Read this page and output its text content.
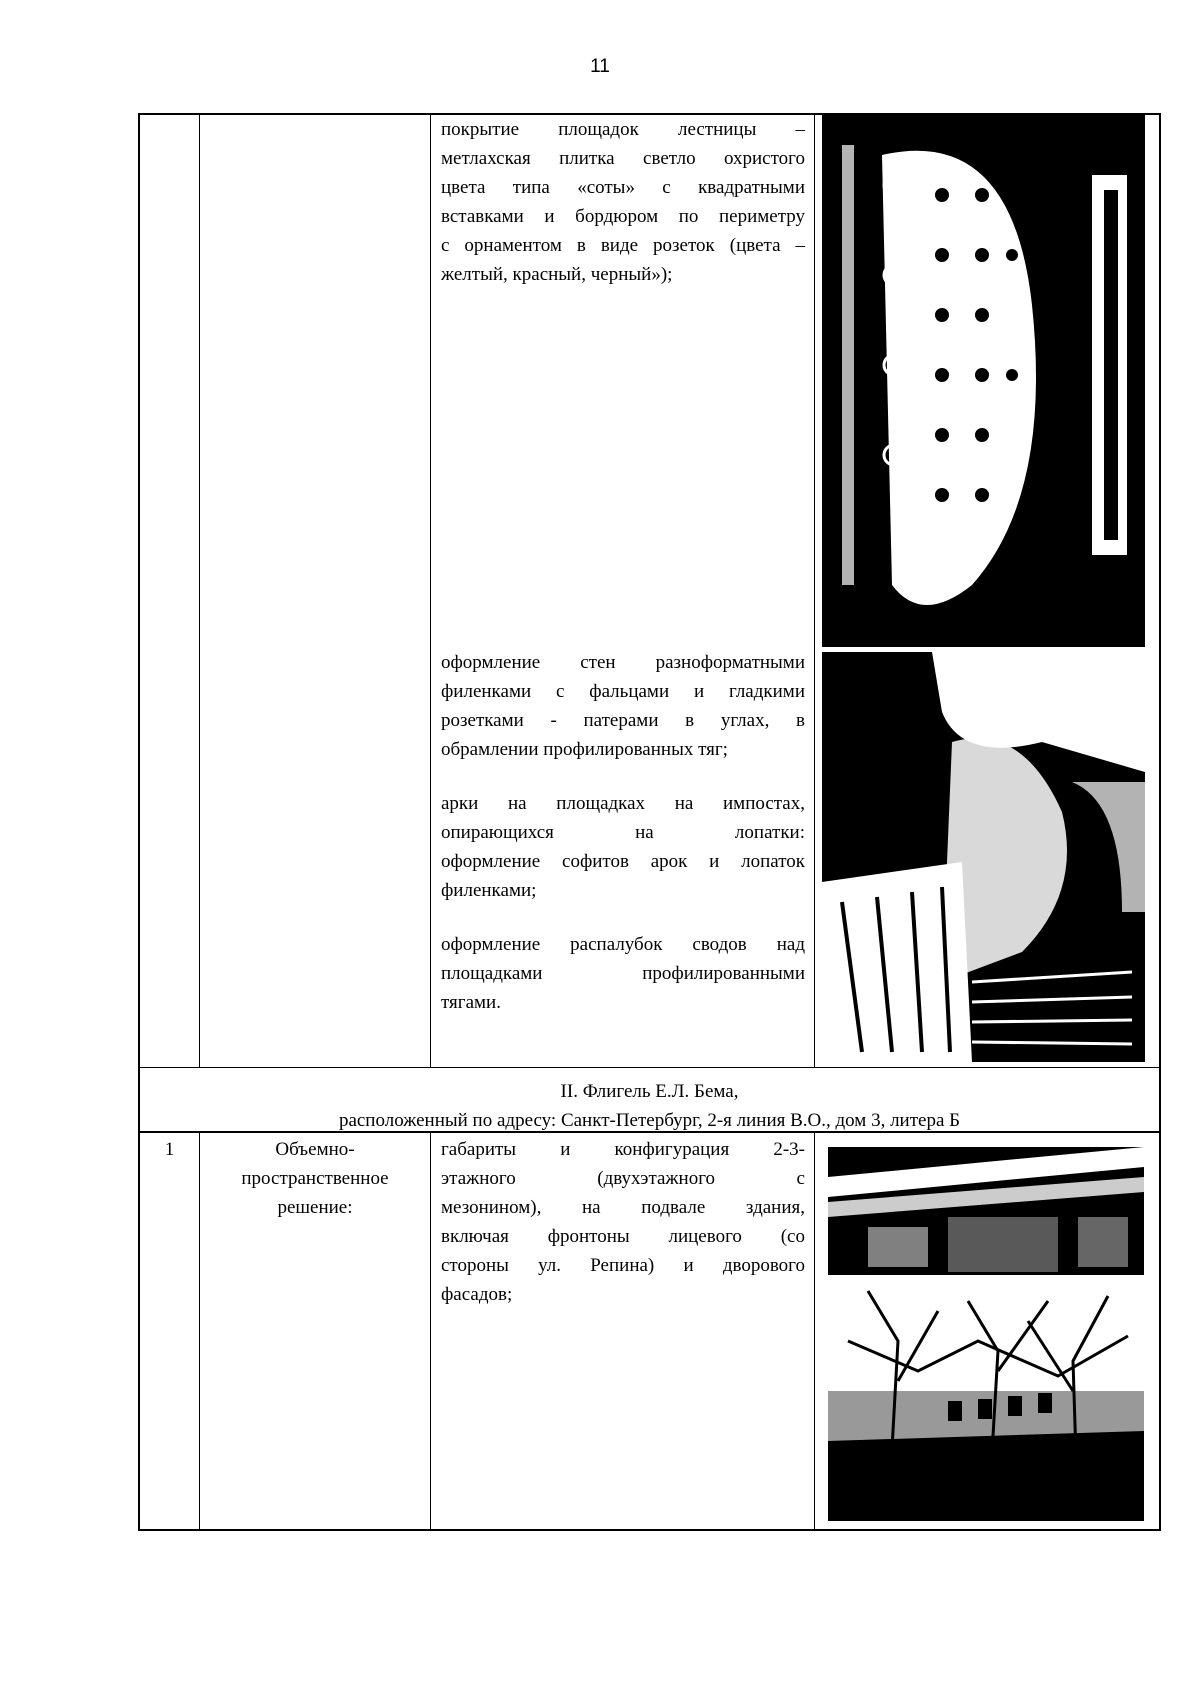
11
покрытие площадок лестницы –
метлахская плитка светло охристого
цвета типа «соты» с квадратными
вставками и бордюром по периметру
с орнаментом в виде розеток (цвета –
желтый, красный, черный»);
оформление стен разноформатными
филенками с фальцами и гладкими
розетками - патерами в углах, в
обрамлении профилированных тяг;
арки на площадках на импостах,
опирающихся на лопатки:
оформление софитов арок и лопаток
филенками;
оформление распалубок сводов над
площадками профилированными
тягами.
II. Флигель Е.Л. Бема,
расположенный по адресу: Санкт-Петербург, 2-я линия В.О., дом 3, литера Б
1	Объемно-
пространственное
решение:
габариты и конфигурация 2-3-
этажного (двухэтажного с
мезонином), на подвале здания,
включая фронтоны лицевого (со
стороны ул. Репина) и дворового
фасадов;
